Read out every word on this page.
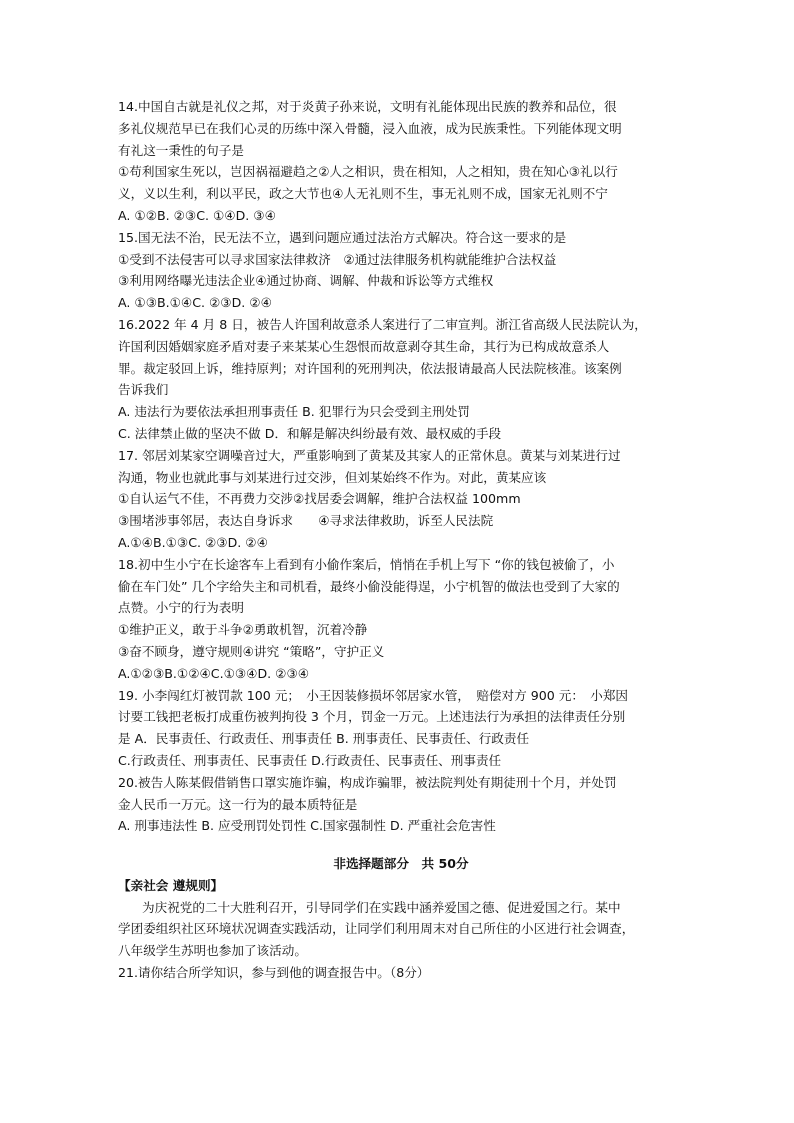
14.中国自古就是礼仪之邦，对于炎黄子孙来说，文明有礼能体现出民族的教养和品位，很
多礼仪规范早已在我们心灵的历练中深入骨髓，浸入血液，成为民族秉性。下列能体现文明
有礼这一秉性的句子是
①苟利国家生死以，岂因祸福避趋之②人之相识，贵在相知，人之相知，贵在知心③礼以行
义，义以生利，利以平民，政之大节也④人无礼则不生，事无礼则不成，国家无礼则不宁
A. ①②B. ②③C. ①④D. ③④
15.国无法不治，民无法不立，遇到问题应通过法治方式解决。符合这一要求的是
①受到不法侵害可以寻求国家法律救济　②通过法律服务机构就能维护合法权益
③利用网络曝光违法企业④通过协商、调解、仲裁和诉讼等方式维权
A. ①③B.①④C. ②③D. ②④
16.2022 年 4 月 8 日，被告人许国利故意杀人案进行了二审宣判。浙江省高级人民法院认为，
许国利因婚姻家庭矛盾对妻子来某某心生怨恨而故意剥夺其生命，其行为已构成故意杀人
罪。裁定驳回上诉，维持原判；对许国利的死刑判决，依法报请最高人民法院核准。该案例
告诉我们
A. 违法行为要依法承担刑事责任 B. 犯罪行为只会受到主刑处罚
C. 法律禁止做的坚决不做 D．和解是解决纠纷最有效、最权威的手段
17. 邻居刘某家空调噪音过大，严重影响到了黄某及其家人的正常休息。黄某与刘某进行过
沟通，物业也就此事与刘某进行过交涉，但刘某始终不作为。对此，黄某应该
①自认运气不佳，不再费力交涉②找居委会调解，维护合法权益 100mm
③围堵涉事邻居，表达自身诉求　　④寻求法律救助，诉至人民法院
A.①④B.①③C. ②③D. ②④
18.初中生小宁在长途客车上看到有小偷作案后，悄悄在手机上写下 “你的钱包被偷了，小
偷在车门处” 几个字给失主和司机看，最终小偷没能得逞，小宁机智的做法也受到了大家的
点赞。小宁的行为表明
①维护正义，敢于斗争②勇敢机智，沉着冷静
③奋不顾身，遵守规则④讲究 “策略”，守护正义
A.①②③B.①②④C.①③④D. ②③④
19. 小李闯红灯被罚款 100 元；　小王因装修损坏邻居家水管，　赔偿对方 900 元：　小郑因
讨要工钱把老板打成重伤被判拘役 3 个月，罚金一万元。上述违法行为承担的法律责任分别
是 A．民事责任、行政责任、刑事责任 B. 刑事责任、民事责任、行政责任
C.行政责任、刑事责任、民事责任 D.行政责任、民事责任、刑事责任
20.被告人陈某假借销售口罩实施诈骗，构成诈骗罪，被法院判处有期徒刑十个月，并处罚
金人民币一万元。这一行为的最本质特征是
A. 刑事违法性 B. 应受刑罚处罚性 C.国家强制性 D. 严重社会危害性
非选择题部分　共 50分
【亲社会 遵规则】
为庆祝党的二十大胜利召开，引导同学们在实践中涵养爱国之德、促进爱国之行。某中
学团委组织社区环境状况调查实践活动，让同学们利用周末对自己所住的小区进行社会调查，
八年级学生苏明也参加了该活动。
21.请你结合所学知识，参与到他的调查报告中。（8分）
